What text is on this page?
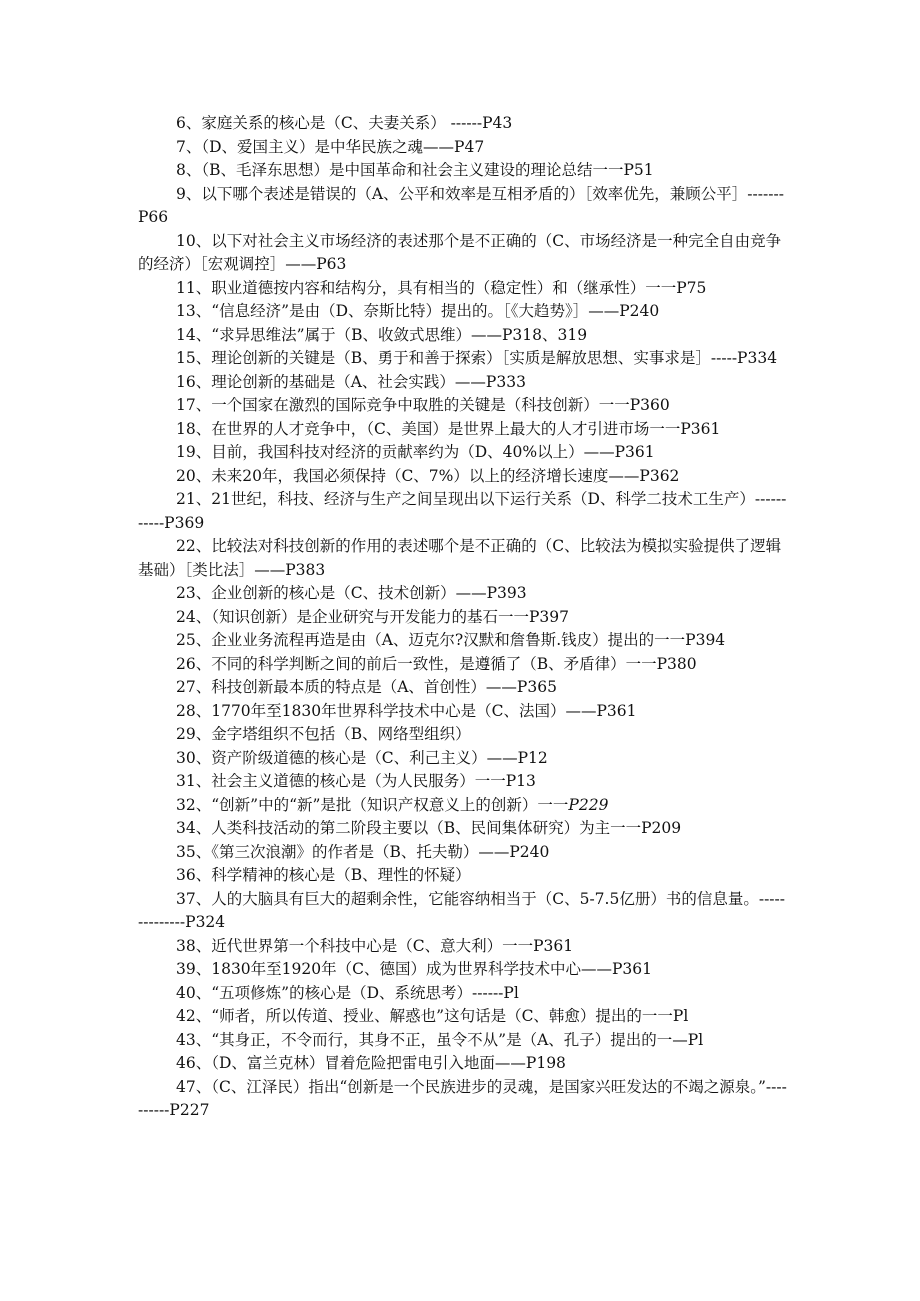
6、家庭关系的核心是（C、夫妻关系） ------P43

7、（D、爱国主义）是中华民族之魂——P47

8、（B、毛泽东思想）是中国革命和社会主义建设的理论总结一一P51

9、以下哪个表述是错误的（A、公平和效率是互相矛盾的）［效率优先，兼顾公平］-------P66

10、以下对社会主义市场经济的表述那个是不正确的（C、市场经济是一种完全自由竞争的经济）［宏观调控］——P63

11、职业道德按内容和结构分，具有相当的（稳定性）和（继承性）一一P75

13、“信息经济”是由（D、奈斯比特）提出的。［《大趋势》］——P240

14、“求异思维法”属于（B、收敛式思维）——P318、319

15、理论创新的关键是（B、勇于和善于探索）［实质是解放思想、实事求是］-----P334

16、理论创新的基础是（A、社会实践）——P333

17、一个国家在激烈的国际竞争中取胜的关键是（科技创新）一一P360

18、在世界的人才竞争中，（C、美国）是世界上最大的人才引进市场一一P361

19、目前，我国科技对经济的贡献率约为（D、40%以上）——P361

20、未来20年，我国必须保持（C、7%）以上的经济增长速度——P362

21、21世纪，科技、经济与生产之间呈现出以下运行关系（D、科学二技术工生产）-----------P369

22、比较法对科技创新的作用的表述哪个是不正确的（C、比较法为模拟实验提供了逻辑基础）［类比法］——P383

23、企业创新的核心是（C、技术创新）——P393

24、（知识创新）是企业研究与开发能力的基石一一P397

25、企业业务流程再造是由（A、迈克尔?汉默和詹鲁斯.钱皮）提出的一一P394

26、不同的科学判断之间的前后一致性，是遵循了（B、矛盾律）一一P380

27、科技创新最本质的特点是（A、首创性）——P365

28、1770年至1830年世界科学技术中心是（C、法国）——P361

29、金字塔组织不包括（B、网络型组织）

30、资产阶级道德的核心是（C、利己主义）——P12

31、社会主义道德的核心是（为人民服务）一一P13

32、“创新”中的“新”是批（知识产权意义上的创新）一一P229

34、人类科技活动的第二阶段主要以（B、民间集体研究）为主一一P209

35、《第三次浪潮》的作者是（B、托夫勒）——P240

36、科学精神的核心是（B、理性的怀疑）

37、人的大脑具有巨大的超剩余性，它能容纳相当于（C、5-7.5亿册）书的信息量。--------------P324

38、近代世界第一个科技中心是（C、意大利）一一P361

39、1830年至1920年（C、德国）成为世界科学技术中心——P361

40、“五项修炼”的核心是（D、系统思考）------Pl

42、“师者，所以传道、授业、解惑也”这句话是（C、韩愈）提出的一一Pl

43、“其身正，不令而行，其身不正，虽令不从”是（A、孔子）提出的一—Pl

46、（D、富兰克林）冒着危险把雷电引入地面——P198

47、（C、江泽民）指出“创新是一个民族进步的灵魂，是国家兴旺发达的不竭之源泉。”----------P227
